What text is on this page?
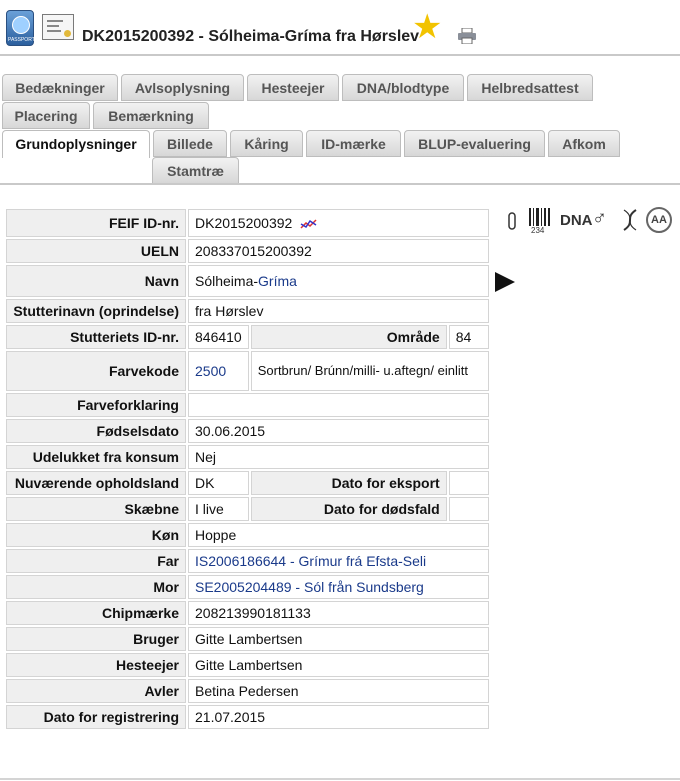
PASSPORT	DK2015200392 - Sólheima-Gríma fra Hørslev
★
Bedækninger	Avlsoplysning	Hesteejer	DNA/blodtype	Helbredsattest
Placering	Bemærkning
Grundoplysninger	Billede	Kåring	ID-mærke	BLUP-evaluering	Afkom
Stamtræ
FEIF ID-nr.	DK2015200392		
UELN	208337015200392		
Navn	Sólheima-Gríma		
Stutterinavn (oprindelse)	fra Hørslev		
Stutteriets ID-nr.	846410	Område	84
Farvekode	2500	Sortbrun/ Brúnn/milli- u.aftegn/ einlitt	
Farveforklaring			
Fødselsdato	30.06.2015		
Udelukket fra konsum	Nej		
Nuværende opholdsland	DK	Dato for eksport	
Skæbne	I live	Dato for dødsfald	
Køn	Hoppe		
Far	IS2006186644 - Grímur frá Efsta-Seli		
Mor	SE2005204489 - Sól från Sundsberg		
Chipmærke	208213990181133		
Bruger	Gitte Lambertsen		
Hesteejer	Gitte Lambertsen		
Avler	Betina Pedersen		
Dato for registrering	21.07.2015		
234
DNA ♂	AA
